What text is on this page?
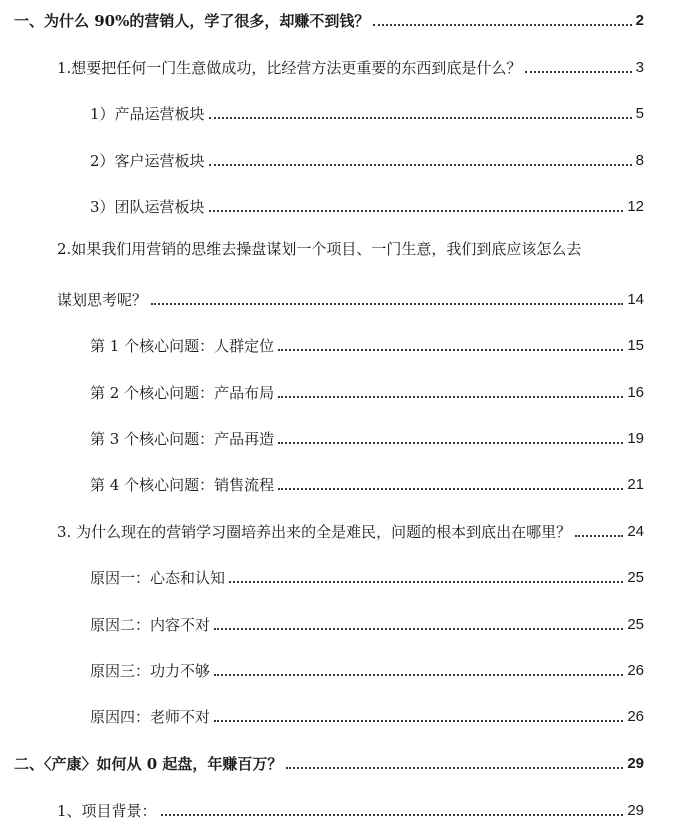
一、为什么 90%的营销人，学了很多，却赚不到钱？	2
1.想要把任何一门生意做成功，比经营方法更重要的东西到底是什么？	3
1）产品运营板块	5
2）客户运营板块	8
3）团队运营板块	12
2.如果我们用营销的思维去操盘谋划一个项目、一门生意，我们到底应该怎么去
谋划思考呢？	14
第 1 个核心问题：人群定位	15
第 2 个核心问题：产品布局	16
第 3 个核心问题：产品再造	19
第 4 个核心问题：销售流程	21
3. 为什么现在的营销学习圈培养出来的全是难民，问题的根本到底出在哪里？	24
原因一：心态和认知	25
原因二：内容不对	25
原因三：功力不够	26
原因四：老师不对	26
二、〈产康〉如何从 0 起盘，年赚百万？	29
1、项目背景：	29
